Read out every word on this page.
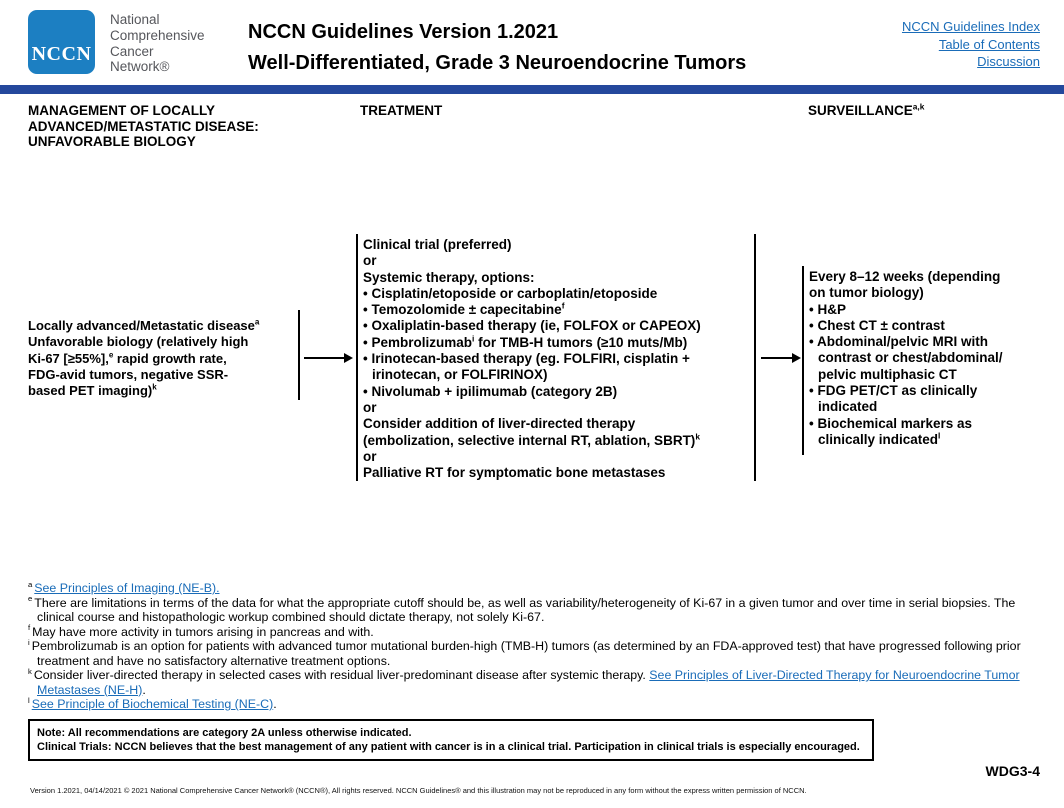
NCCN
National
Comprehensive
Cancer
Network®
NCCN Guidelines Version 1.2021
Well-Differentiated, Grade 3 Neuroendocrine Tumors
NCCN Guidelines Index
Table of Contents
Discussion
MANAGEMENT OF LOCALLY
ADVANCED/METASTATIC DISEASE:
UNFAVORABLE BIOLOGY
TREATMENT	SURVEILLANCE$^{a,k}$
Locally advanced/Metastatic disease$^a$
Unfavorable biology (relatively high
Ki-67 [≥55%],$^e$ rapid growth rate,
FDG-avid tumors, negative SSR-
based PET imaging)$^k$
Clinical trial (preferred)
or
Systemic therapy, options:
• Cisplatin/etoposide or carboplatin/etoposide
• Temozolomide ± capecitabine$^f$
• Oxaliplatin-based therapy (ie, FOLFOX or CAPEOX)
• Pembrolizumab$^i$ for TMB-H tumors (≥10 muts/Mb)
• Irinotecan-based therapy (eg. FOLFIRI, cisplatin +
irinotecan, or FOLFIRINOX)
• Nivolumab + ipilimumab (category 2B)
or
Consider addition of liver-directed therapy
(embolization, selective internal RT, ablation, SBRT)$^k$
or
Palliative RT for symptomatic bone metastases
Every 8–12 weeks (depending
on tumor biology)
• H&P
• Chest CT ± contrast
• Abdominal/pelvic MRI with
contrast or chest/abdominal/
pelvic multiphasic CT
• FDG PET/CT as clinically
indicated
• Biochemical markers as
clinically indicated$^l$
$^a$ See Principles of Imaging (NE-B).
$^e$ There are limitations in terms of the data for what the appropriate cutoff should be, as well as variability/heterogeneity of Ki-67 in a given tumor and over time in serial biopsies. The clinical course and histopathologic workup combined should dictate therapy, not solely Ki-67.
$^f$ May have more activity in tumors arising in pancreas and with.
$^i$ Pembrolizumab is an option for patients with advanced tumor mutational burden-high (TMB-H) tumors (as determined by an FDA-approved test) that have progressed following prior treatment and have no satisfactory alternative treatment options.
$^k$ Consider liver-directed therapy in selected cases with residual liver-predominant disease after systemic therapy. See Principles of Liver-Directed Therapy for Neuroendocrine Tumor Metastases (NE-H).
$^l$ See Principle of Biochemical Testing (NE-C).
Note: All recommendations are category 2A unless otherwise indicated.
Clinical Trials: NCCN believes that the best management of any patient with cancer is in a clinical trial. Participation in clinical trials is especially encouraged.
WDG3-4
Version 1.2021, 04/14/2021 © 2021 National Comprehensive Cancer Network® (NCCN®), All rights reserved. NCCN Guidelines® and this illustration may not be reproduced in any form without the express written permission of NCCN.
